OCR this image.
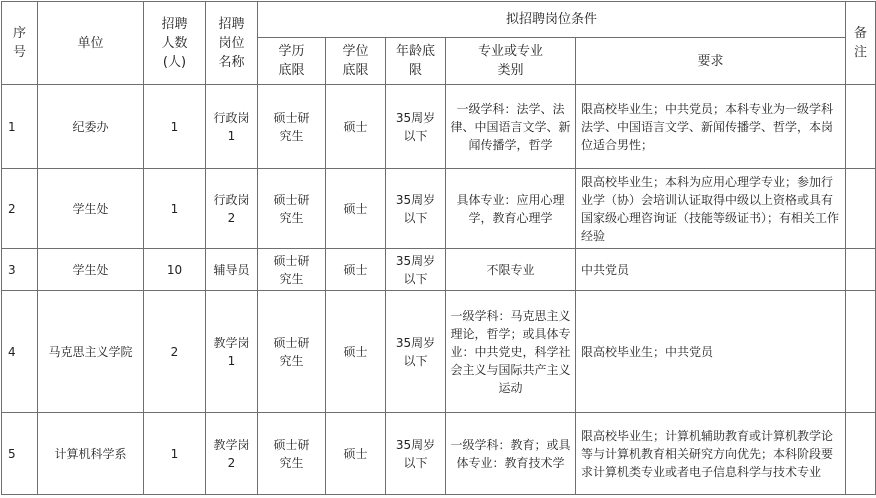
序号	单位	招聘人数(人)	招聘岗位名称	拟招聘岗位条件					备注

				学历底限	学位底限	年龄底限	专业或专业类别	要求	
1	纪委办	1	行政岗1	硕士研究生	硕士	35周岁以下	一级学科：法学、法律、中国语言文学、新闻传播学，哲学	限高校毕业生；中共党员；本科专业为一级学科法学、中国语言文学、新闻传播学、哲学，本岗位适合男性；	
2	学生处	1	行政岗2	硕士研究生	硕士	35周岁以下	具体专业：应用心理学，教育心理学	限高校毕业生；本科为应用心理学专业；参加行业学（协）会培训认证取得中级以上资格或具有国家级心理咨询证（技能等级证书）；有相关工作经验	
3	学生处	10	辅导员	硕士研究生	硕士	35周岁以下	不限专业	中共党员	
4	马克思主义学院	2	教学岗1	硕士研究生	硕士	35周岁以下	一级学科：马克思主义理论，哲学；或具体专业：中共党史，科学社会主义与国际共产主义运动	限高校毕业生；中共党员	
5	计算机科学系	1	教学岗2	硕士研究生	硕士	35周岁以下	一级学科：教育；或具体专业：教育技术学	限高校毕业生；计算机辅助教育或计算机教学论等与计算机教育相关研究方向优先；本科阶段要求计算机类专业或者电子信息科学与技术专业	
